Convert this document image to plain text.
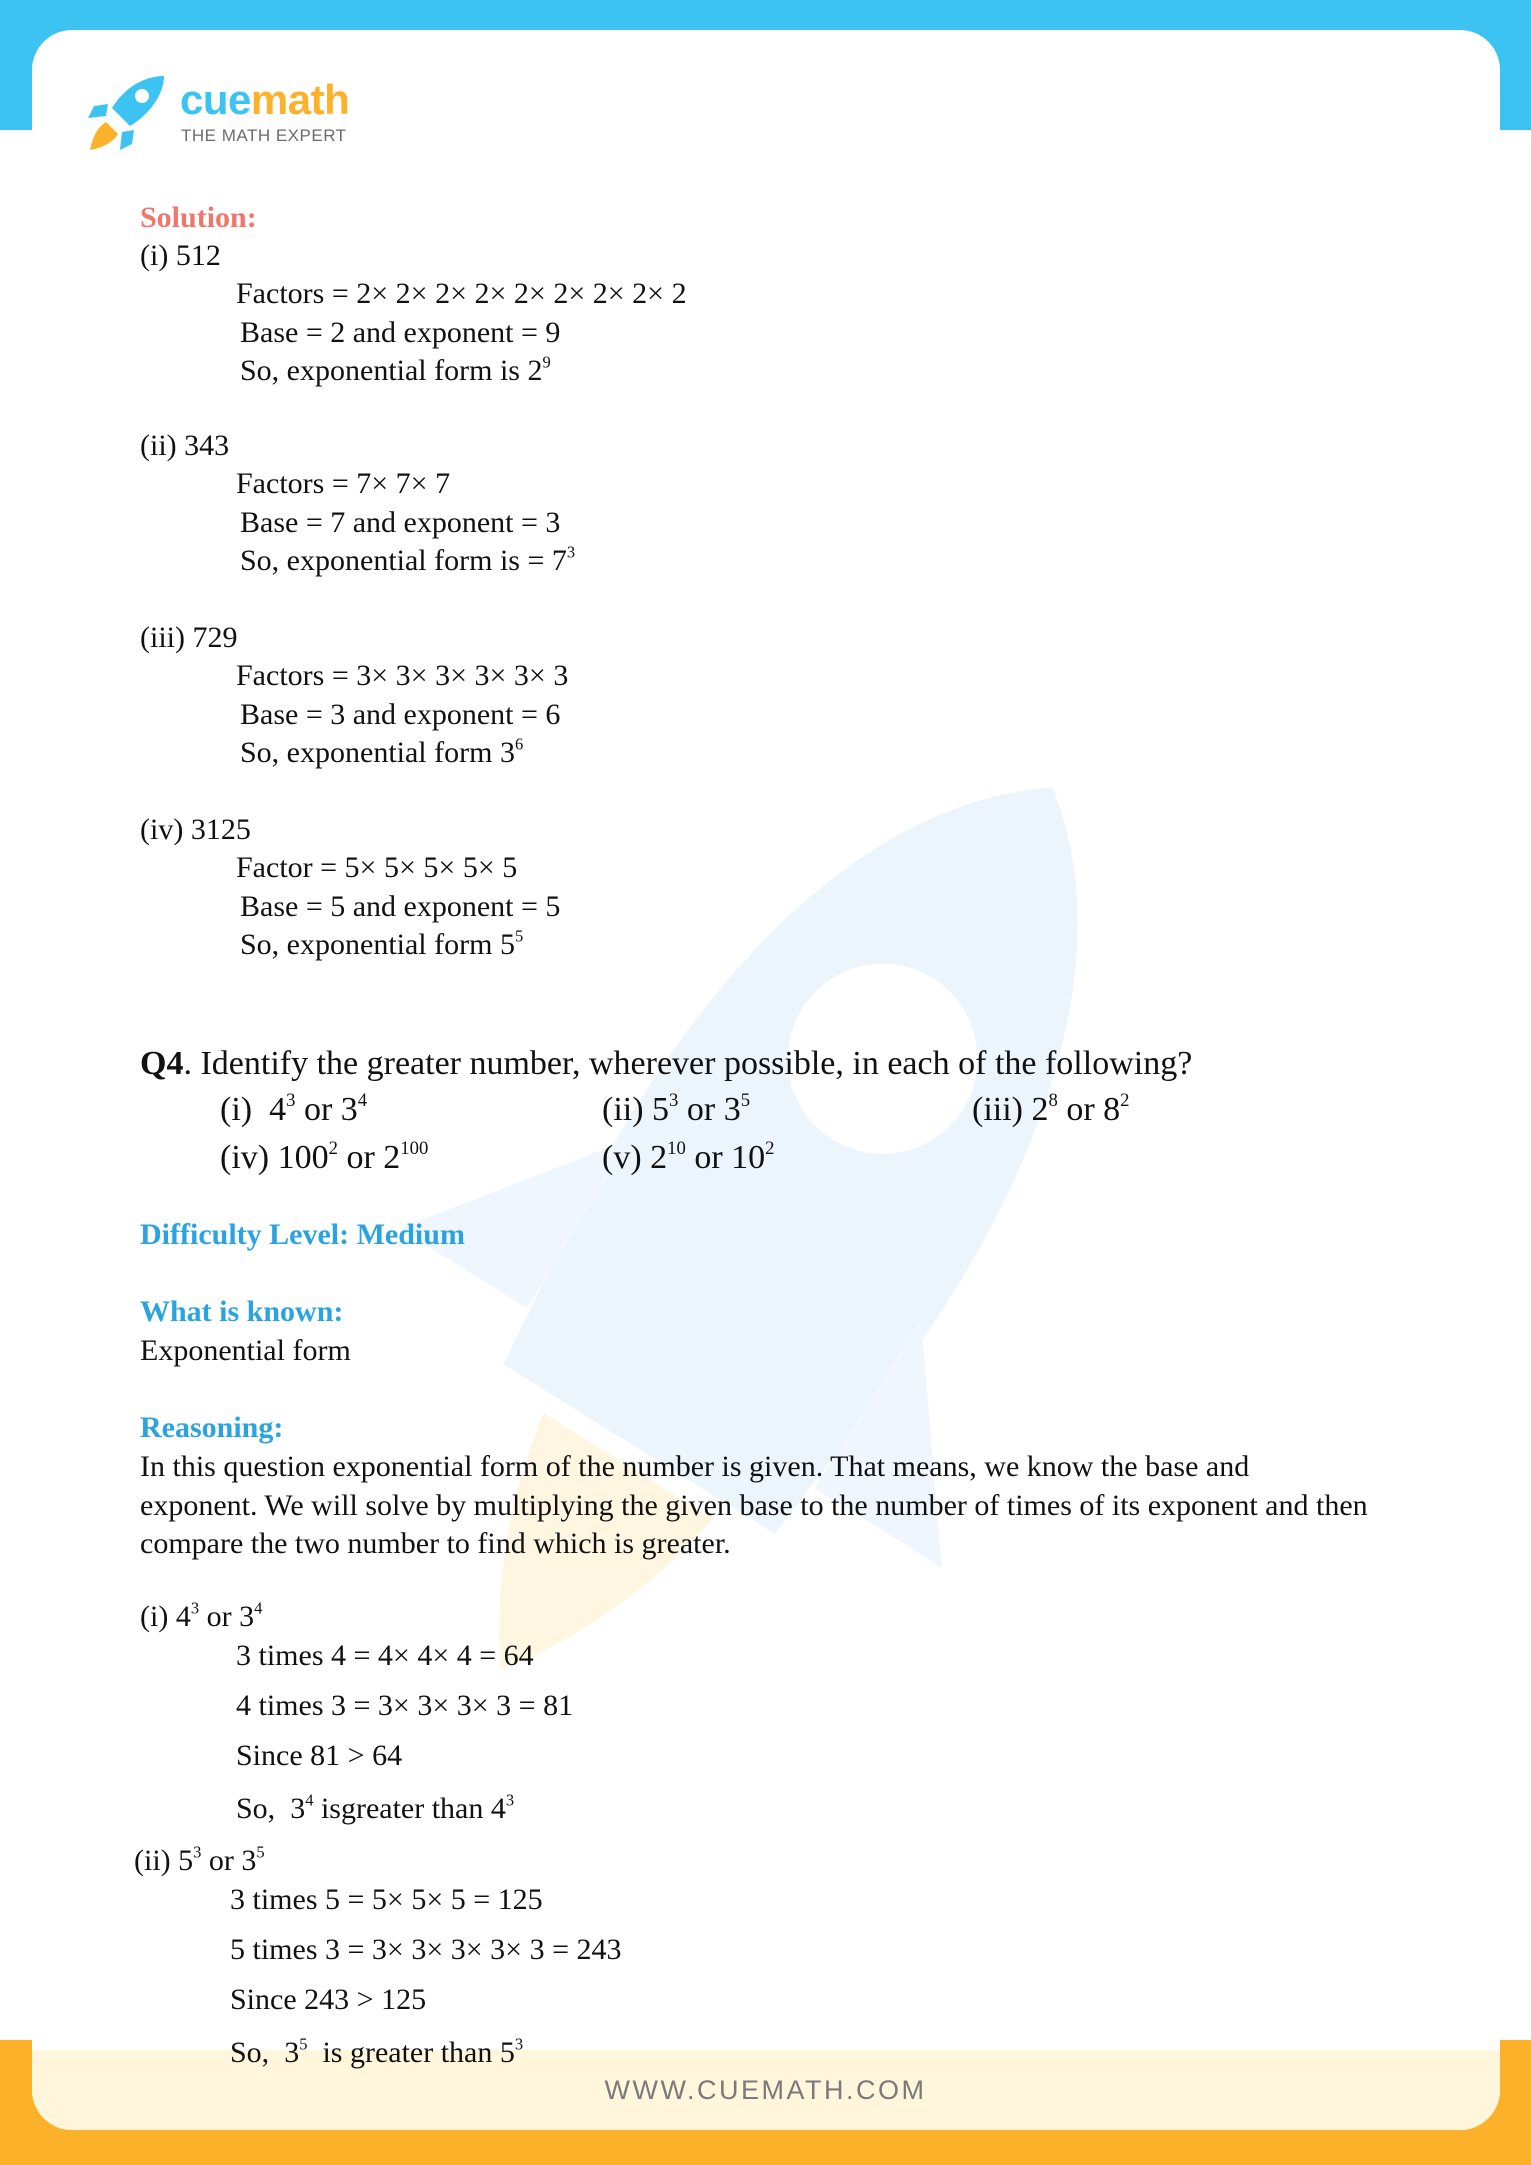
cuemath
THE MATH EXPERT
Solution:
(i) 512
Factors = 2× 2× 2× 2× 2× 2× 2× 2× 2
Base = 2 and exponent = 9
So, exponential form is $2^9$
(ii) 343
Factors = 7× 7× 7
Base = 7 and exponent = 3
So, exponential form is = $7^3$
(iii) 729
Factors = 3× 3× 3× 3× 3× 3
Base = 3 and exponent = 6
So, exponential form $3^6$
(iv) 3125
Factor = 5× 5× 5× 5× 5
Base = 5 and exponent = 5
So, exponential form $5^5$
Q4. Identify the greater number, wherever possible, in each of the following?
(i) $4^3$ or $3^4$	(ii) $5^3$ or $3^5$	(iii) $2^8$ or $8^2$
(iv) $100^2$ or $2^{100}$	(v) $2^{10}$ or $10^2$
Difficulty Level: Medium
What is known:
Exponential form
Reasoning:
In this question exponential form of the number is given. That means, we know the base and exponent. We will solve by multiplying the given base to the number of times of its exponent and then compare the two number to find which is greater.
(i) $4^3$ or $3^4$
3 times 4 = 4× 4× 4 = 64
4 times 3 = 3× 3× 3× 3 = 81
Since 81 > 64
So, $3^4$ isgreater than $4^3$
(ii) $5^3$ or $3^5$
3 times 5 = 5× 5× 5 = 125
5 times 3 = 3× 3× 3× 3× 3 = 243
Since 243 > 125
So, $3^5$ is greater than $5^3$
WWW.CUEMATH.COM
